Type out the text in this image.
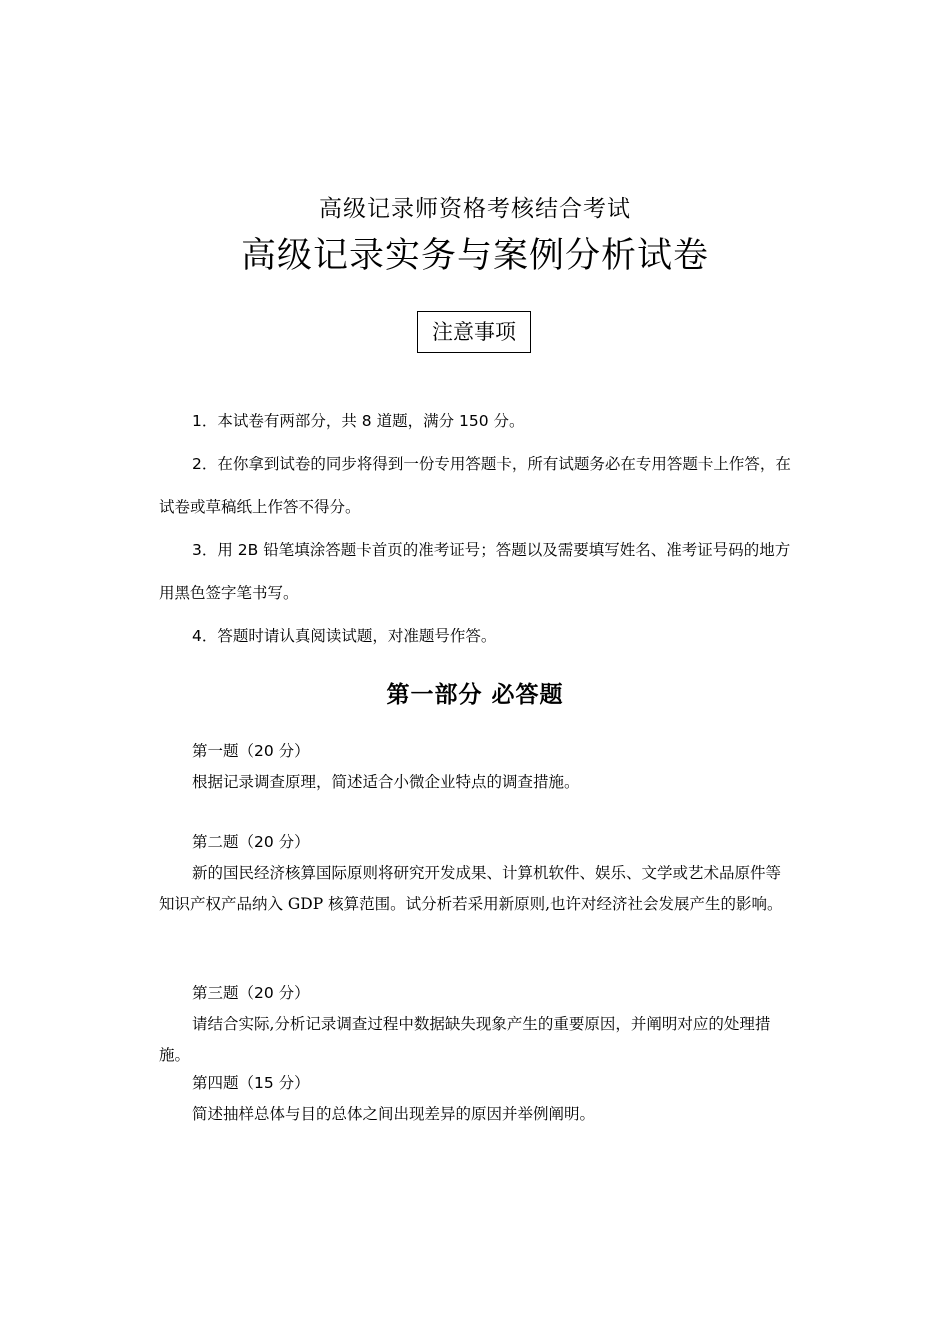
高级记录师资格考核结合考试
高级记录实务与案例分析试卷
注意事项

1．本试卷有两部分，共 8 道题，满分 150 分。

2．在你拿到试卷的同步将得到一份专用答题卡，所有试题务必在专用答题卡上作答，在试卷或草稿纸上作答不得分。

3．用 2B 铅笔填涂答题卡首页的准考证号；答题以及需要填写姓名、准考证号码的地方用黑色签字笔书写。

4．答题时请认真阅读试题，对准题号作答。

第一部分 必答题

第一题（20 分）

根据记录调查原理，简述适合小微企业特点的调查措施。

第二题（20 分）

新的国民经济核算国际原则将研究开发成果、计算机软件、娱乐、文学或艺术品原件等知识产权产品纳入 GDP 核算范围。试分析若采用新原则,也许对经济社会发展产生的影响。

第三题（20 分）

请结合实际,分析记录调查过程中数据缺失现象产生的重要原因，并阐明对应的处理措施。

第四题（15 分）

简述抽样总体与目的总体之间出现差异的原因并举例阐明。
